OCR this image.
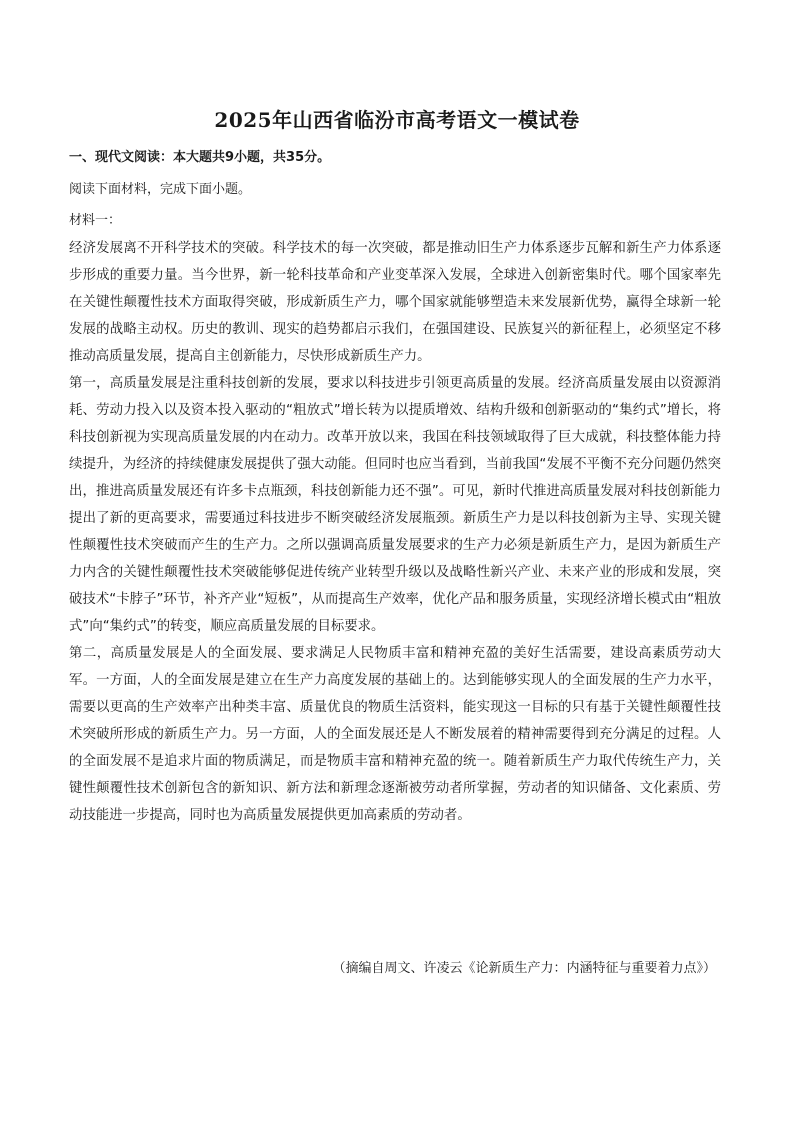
2025年山西省临汾市高考语文一模试卷
一、现代文阅读：本大题共9小题，共35分。
阅读下面材料，完成下面小题。
材料一：

经济发展离不开科学技术的突破。科学技术的每一次突破，都是推动旧生产力体系逐步瓦解和新生产力体系逐步形成的重要力量。当今世界，新一轮科技革命和产业变革深入发展，全球进入创新密集时代。哪个国家率先在关键性颠覆性技术方面取得突破，形成新质生产力，哪个国家就能够塑造未来发展新优势，赢得全球新一轮发展的战略主动权。历史的教训、现实的趋势都启示我们，在强国建设、民族复兴的新征程上，必须坚定不移推动高质量发展，提高自主创新能力，尽快形成新质生产力。

第一，高质量发展是注重科技创新的发展，要求以科技进步引领更高质量的发展。经济高质量发展由以资源消耗、劳动力投入以及资本投入驱动的“粗放式”增长转为以提质增效、结构升级和创新驱动的“集约式”增长，将科技创新视为实现高质量发展的内在动力。改革开放以来，我国在科技领域取得了巨大成就，科技整体能力持续提升，为经济的持续健康发展提供了强大动能。但同时也应当看到，当前我国“发展不平衡不充分问题仍然突出，推进高质量发展还有许多卡点瓶颈，科技创新能力还不强”。可见，新时代推进高质量发展对科技创新能力提出了新的更高要求，需要通过科技进步不断突破经济发展瓶颈。新质生产力是以科技创新为主导、实现关键性颠覆性技术突破而产生的生产力。之所以强调高质量发展要求的生产力必须是新质生产力，是因为新质生产力内含的关键性颠覆性技术突破能够促进传统产业转型升级以及战略性新兴产业、未来产业的形成和发展，突破技术“卡脖子”环节，补齐产业“短板”，从而提高生产效率，优化产品和服务质量，实现经济增长模式由“粗放式”向“集约式”的转变，顺应高质量发展的目标要求。

第二，高质量发展是人的全面发展、要求满足人民物质丰富和精神充盈的美好生活需要，建设高素质劳动大军。一方面，人的全面发展是建立在生产力高度发展的基础上的。达到能够实现人的全面发展的生产力水平，需要以更高的生产效率产出种类丰富、质量优良的物质生活资料，能实现这一目标的只有基于关键性颠覆性技术突破所形成的新质生产力。另一方面，人的全面发展还是人不断发展着的精神需要得到充分满足的过程。人的全面发展不是追求片面的物质满足，而是物质丰富和精神充盈的统一。随着新质生产力取代传统生产力，关键性颠覆性技术创新包含的新知识、新方法和新理念逐渐被劳动者所掌握，劳动者的知识储备、文化素质、劳动技能进一步提高，同时也为高质量发展提供更加高素质的劳动者。

（摘编自周文、许凌云《论新质生产力：内涵特征与重要着力点》）
